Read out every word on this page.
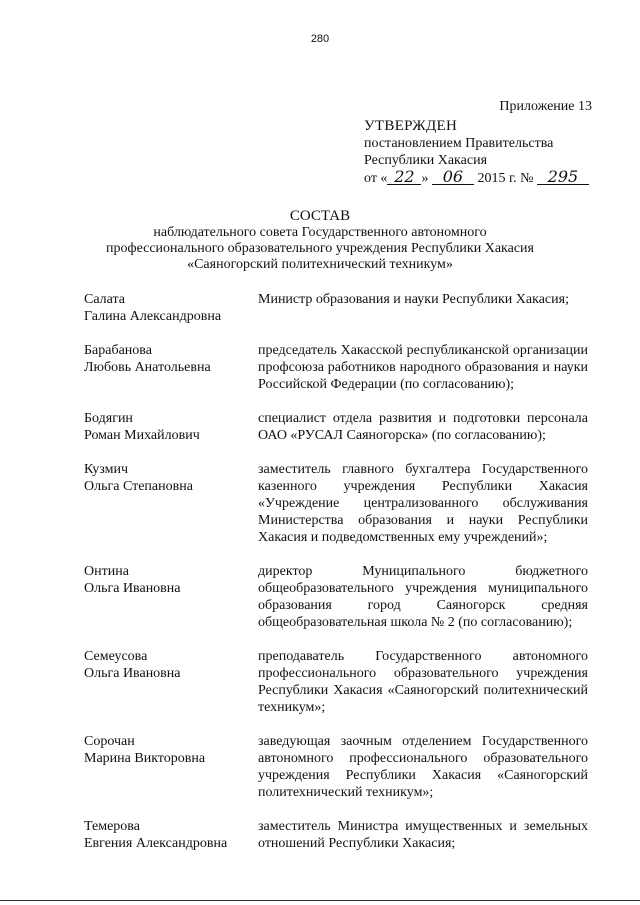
280
Приложение 13
УТВЕРЖДЕН
постановлением Правительства
Республики Хакасия
от « 22 » 06 2015 г. № 295
СОСТАВ
наблюдательного совета Государственного автономного
профессионального образовательного учреждения Республики Хакасия
«Саяногорский политехнический техникум»
Салата
Галина Александровна
Министр образования и науки Республики Хакасия;
Барабанова
Любовь Анатольевна
председатель Хакасской республиканской организации профсоюза работников народного образования и науки Российской Федерации (по согласованию);
Бодягин
Роман Михайлович
специалист отдела развития и подготовки персонала ОАО «РУСАЛ Саяногорска» (по согласованию);
Кузмич
Ольга Степановна
заместитель главного бухгалтера Государственного казенного учреждения Республики Хакасия «Учреждение централизованного обслуживания Министерства образования и науки Республики Хакасия и подведомственных ему учреждений»;
Онтина
Ольга Ивановна
директор Муниципального бюджетного общеобразовательного учреждения муниципального образования город Саяногорск средняя общеобразовательная школа № 2 (по согласованию);
Семеусова
Ольга Ивановна
преподаватель Государственного автономного профессионального образовательного учреждения Республики Хакасия «Саяногорский политехнический техникум»;
Сорочан
Марина Викторовна
заведующая заочным отделением Государственного автономного профессионального образовательного учреждения Республики Хакасия «Саяногорский политехнический техникум»;
Темерова
Евгения Александровна
заместитель Министра имущественных и земельных отношений Республики Хакасия;
